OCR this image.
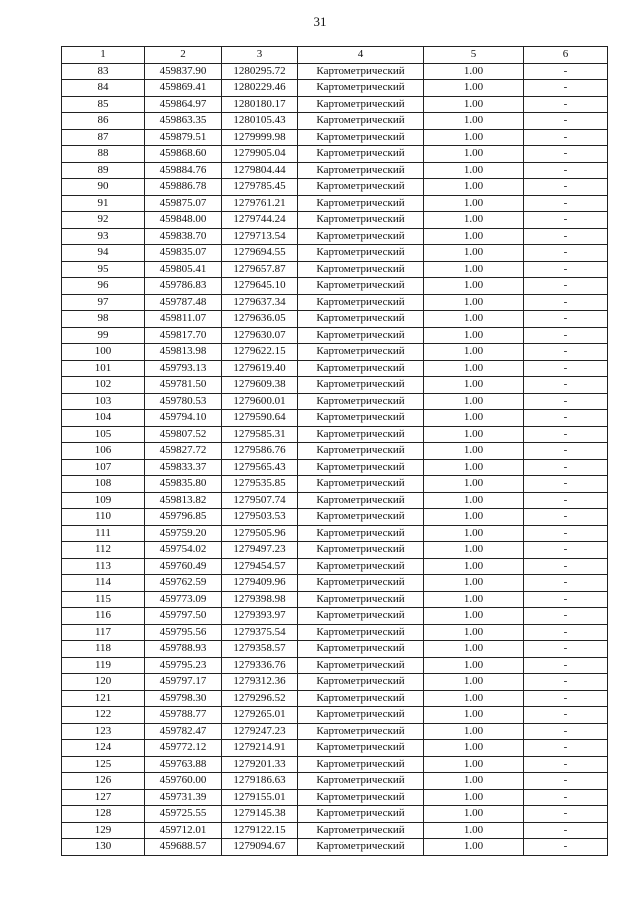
31
1	2	3	4	5	6
83	459837.90	1280295.72	Картометрический	1.00	-
84	459869.41	1280229.46	Картометрический	1.00	-
85	459864.97	1280180.17	Картометрический	1.00	-
86	459863.35	1280105.43	Картометрический	1.00	-
87	459879.51	1279999.98	Картометрический	1.00	-
88	459868.60	1279905.04	Картометрический	1.00	-
89	459884.76	1279804.44	Картометрический	1.00	-
90	459886.78	1279785.45	Картометрический	1.00	-
91	459875.07	1279761.21	Картометрический	1.00	-
92	459848.00	1279744.24	Картометрический	1.00	-
93	459838.70	1279713.54	Картометрический	1.00	-
94	459835.07	1279694.55	Картометрический	1.00	-
95	459805.41	1279657.87	Картометрический	1.00	-
96	459786.83	1279645.10	Картометрический	1.00	-
97	459787.48	1279637.34	Картометрический	1.00	-
98	459811.07	1279636.05	Картометрический	1.00	-
99	459817.70	1279630.07	Картометрический	1.00	-
100	459813.98	1279622.15	Картометрический	1.00	-
101	459793.13	1279619.40	Картометрический	1.00	-
102	459781.50	1279609.38	Картометрический	1.00	-
103	459780.53	1279600.01	Картометрический	1.00	-
104	459794.10	1279590.64	Картометрический	1.00	-
105	459807.52	1279585.31	Картометрический	1.00	-
106	459827.72	1279586.76	Картометрический	1.00	-
107	459833.37	1279565.43	Картометрический	1.00	-
108	459835.80	1279535.85	Картометрический	1.00	-
109	459813.82	1279507.74	Картометрический	1.00	-
110	459796.85	1279503.53	Картометрический	1.00	-
111	459759.20	1279505.96	Картометрический	1.00	-
112	459754.02	1279497.23	Картометрический	1.00	-
113	459760.49	1279454.57	Картометрический	1.00	-
114	459762.59	1279409.96	Картометрический	1.00	-
115	459773.09	1279398.98	Картометрический	1.00	-
116	459797.50	1279393.97	Картометрический	1.00	-
117	459795.56	1279375.54	Картометрический	1.00	-
118	459788.93	1279358.57	Картометрический	1.00	-
119	459795.23	1279336.76	Картометрический	1.00	-
120	459797.17	1279312.36	Картометрический	1.00	-
121	459798.30	1279296.52	Картометрический	1.00	-
122	459788.77	1279265.01	Картометрический	1.00	-
123	459782.47	1279247.23	Картометрический	1.00	-
124	459772.12	1279214.91	Картометрический	1.00	-
125	459763.88	1279201.33	Картометрический	1.00	-
126	459760.00	1279186.63	Картометрический	1.00	-
127	459731.39	1279155.01	Картометрический	1.00	-
128	459725.55	1279145.38	Картометрический	1.00	-
129	459712.01	1279122.15	Картометрический	1.00	-
130	459688.57	1279094.67	Картометрический	1.00	-
